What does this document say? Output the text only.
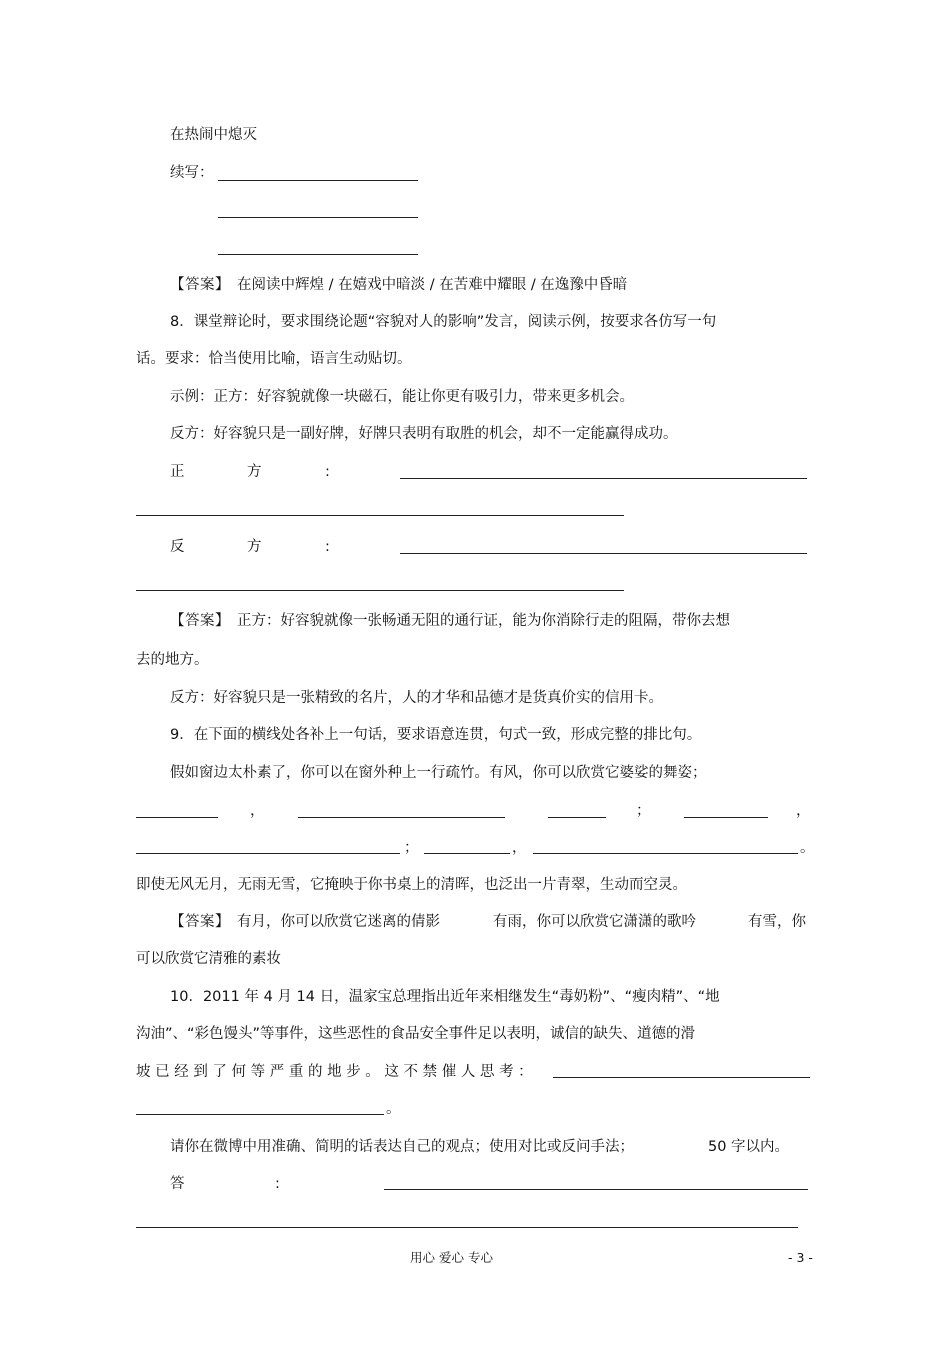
在热闹中熄灭
续写：
【答案】 在阅读中辉煌 / 在嬉戏中暗淡 / 在苦难中耀眼 / 在逸豫中昏暗
8．课堂辩论时，要求围绕论题“容貌对人的影响”发言，阅读示例，按要求各仿写一句
话。要求：恰当使用比喻，语言生动贴切。
示例：正方：好容貌就像一块磁石，能让你更有吸引力，带来更多机会。
反方：好容貌只是一副好牌，好牌只表明有取胜的机会，却不一定能赢得成功。
正	方	:
反	方	:
【答案】 正方：好容貌就像一张畅通无阻的通行证，能为你消除行走的阻隔，带你去想
去的地方。
反方：好容貌只是一张精致的名片，人的才华和品德才是货真价实的信用卡。
9．在下面的横线处各补上一句话，要求语意连贯，句式一致，形成完整的排比句。
假如窗边太朴素了，你可以在窗外种上一行疏竹。有风，你可以欣赏它婆娑的舞姿；
，	；	，
；	，	。
即使无风无月，无雨无雪，它掩映于你书桌上的清晖，也泛出一片青翠，生动而空灵。
【答案】 有月，你可以欣赏它迷离的倩影	有雨，你可以欣赏它潇潇的歌吟	有雪，你
可以欣赏它清雅的素妆
10．2011 年 4 月 14 日，温家宝总理指出近年来相继发生“毒奶粉”、“瘦肉精”、“地
沟油”、“彩色馒头”等事件，这些恶性的食品安全事件足以表明，诚信的缺失、道德的滑
坡 已 经 到 了 何 等 严 重 的 地 步 。 这 不 禁 催 人 思 考 ：
。
请你在微博中用准确、简明的话表达自己的观点；使用对比或反问手法；	50 字以内。
答	:
用心 爱心 专心	- 3 -
